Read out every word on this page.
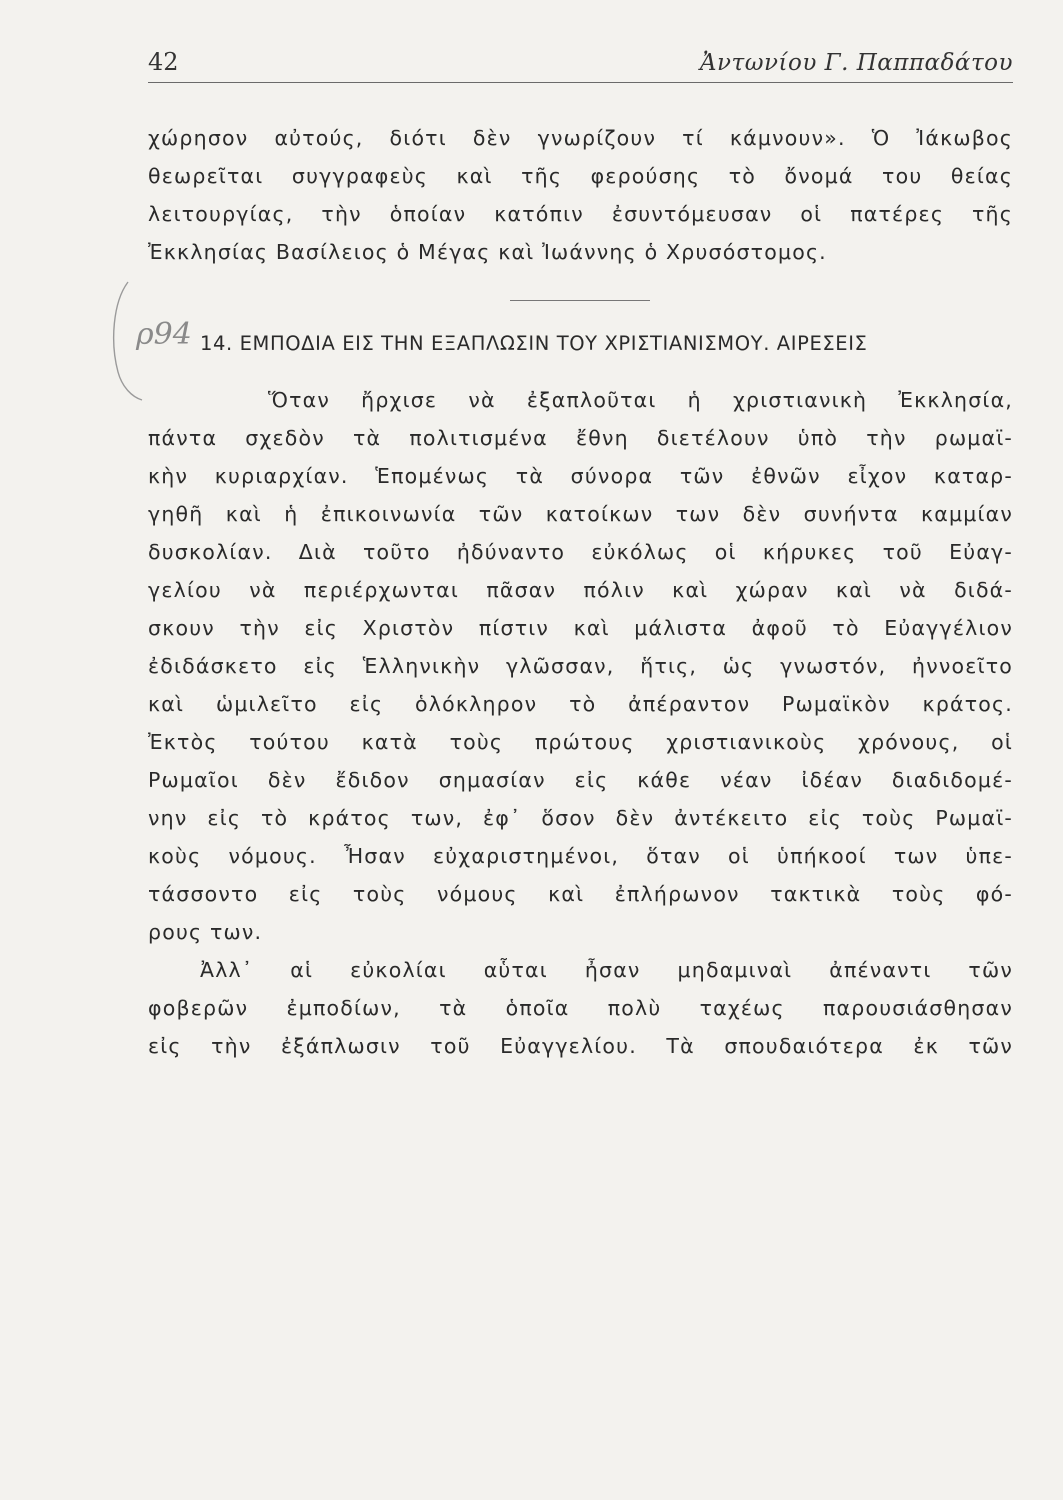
42	Ἀντωνίου Γ. Παππαδάτου
χώρησον αὐτούς, διότι δὲν γνωρίζουν τί κάμνουν». Ὁ Ἰάκωβος
θεωρεῖται συγγραφεὺς καὶ τῆς φερούσης τὸ ὄνομά του θείας
λειτουργίας, τὴν ὁποίαν κατόπιν ἐσυντόμευσαν οἱ πατέρες τῆς
Ἐκκλησίας Βασίλειος ὁ Μέγας καὶ Ἰωάννης ὁ Χρυσόστομος.
ρ94 14. ΕΜΠΟΔΙΑ ΕΙΣ ΤΗΝ ΕΞΑΠΛΩΣΙΝ ΤΟΥ ΧΡΙΣΤΙΑΝΙΣΜΟΥ. ΑΙΡΕΣΕΙΣ
Ὅταν ἤρχισε νὰ ἐξαπλοῦται ἡ χριστιανικὴ Ἐκκλησία,
πάντα σχεδὸν τὰ πολιτισμένα ἔθνη διετέλουν ὑπὸ τὴν ρωμαϊ-
κὴν κυριαρχίαν. Ἑπομένως τὰ σύνορα τῶν ἐθνῶν εἶχον καταρ-
γηθῆ καὶ ἡ ἐπικοινωνία τῶν κατοίκων των δὲν συνήντα καμμίαν
δυσκολίαν. Διὰ τοῦτο ἠδύναντο εὐκόλως οἱ κήρυκες τοῦ Εὐαγ-
γελίου νὰ περιέρχωνται πᾶσαν πόλιν καὶ χώραν καὶ νὰ διδά-
σκουν τὴν εἰς Χριστὸν πίστιν καὶ μάλιστα ἀφοῦ τὸ Εὐαγγέλιον
ἐδιδάσκετο εἰς Ἑλληνικὴν γλῶσσαν, ἥτις, ὡς γνωστόν, ἠννοεῖτο
καὶ ὡμιλεῖτο εἰς ὁλόκληρον τὸ ἀπέραντον Ρωμαϊκὸν κράτος.
Ἐκτὸς τούτου κατὰ τοὺς πρώτους χριστιανικοὺς χρόνους, οἱ
Ρωμαῖοι δὲν ἔδιδον σημασίαν εἰς κάθε νέαν ἰδέαν διαδιδομέ-
νην εἰς τὸ κράτος των, ἐφ᾿ ὅσον δὲν ἀντέκειτο εἰς τοὺς Ρωμαϊ-
κοὺς νόμους. Ἦσαν εὐχαριστημένοι, ὅταν οἱ ὑπήκοοί των ὑπε-
τάσσοντο εἰς τοὺς νόμους καὶ ἐπλήρωνον τακτικὰ τοὺς φό-
ρους των.
Ἀλλ᾿ αἱ εὐκολίαι αὗται ἦσαν μηδαμιναὶ ἀπέναντι τῶν
φοβερῶν ἐμποδίων, τὰ ὁποῖα πολὺ ταχέως παρουσιάσθησαν
εἰς τὴν ἐξάπλωσιν τοῦ Εὐαγγελίου. Τὰ σπουδαιότερα ἐκ τῶν
